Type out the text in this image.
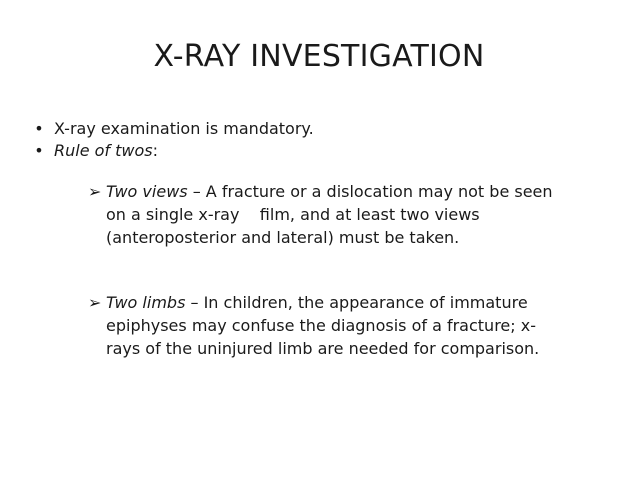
X-RAY INVESTIGATION
• X-ray examination is mandatory.
• Rule of twos:
➢ Two views – A fracture or a dislocation may not be seen
on a single x-ray    film, and at least two views
(anteroposterior and lateral) must be taken.
➢ Two limbs – In children, the appearance of immature
epiphyses may confuse the diagnosis of a fracture; x-
rays of the uninjured limb are needed for comparison.
